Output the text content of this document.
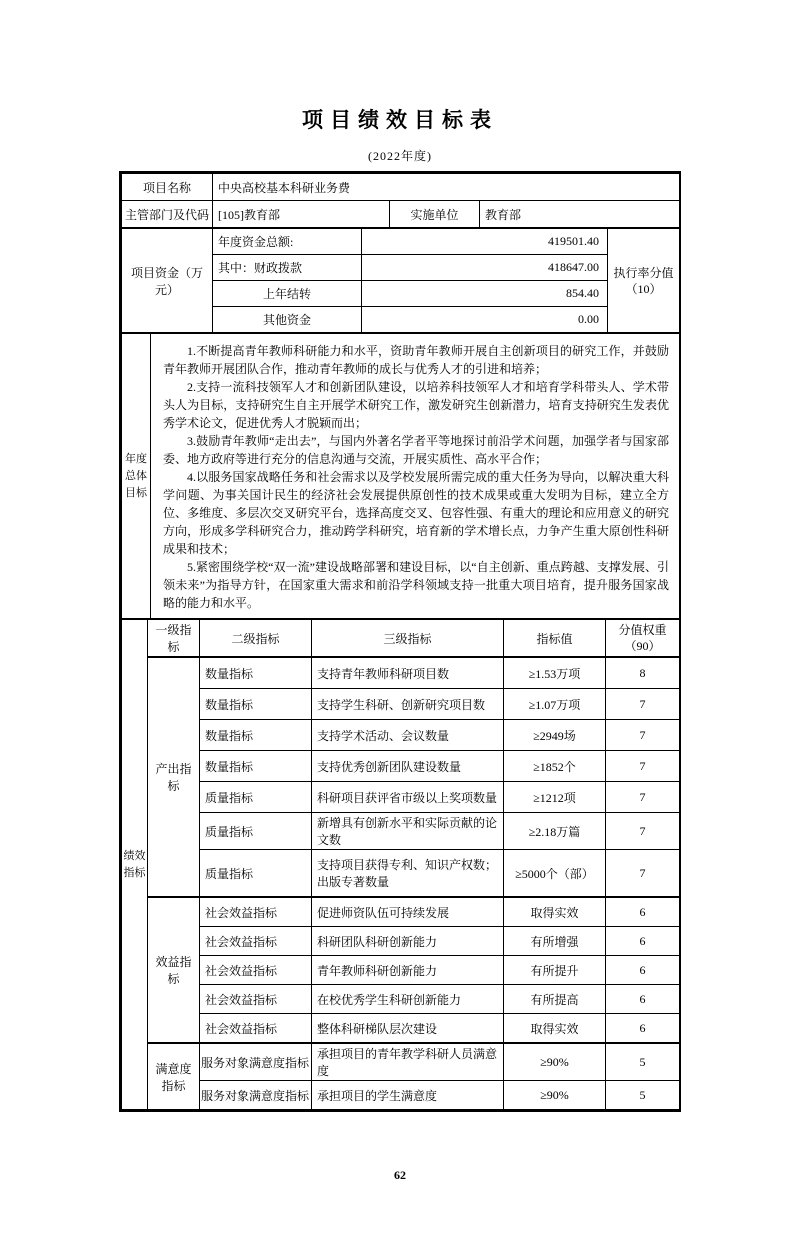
项目绩效目标表
(2022年度)
项目名称	中央高校基本科研业务费		
主管部门及代码	[105]教育部	实施单位	教育部
项目资金（万元）	年度资金总额:	419501.40	执行率分值
（10）
	其中：财政拨款	418647.00	
	上年结转	854.40	
	其他资金	0.00	
年度总体目标	

1.不断提高青年教师科研能力和水平，资助青年教师开展自主创新项目的研究工作，并鼓励青年教师开展团队合作，推动青年教师的成长与优秀人才的引进和培养；

2.支持一流科技领军人才和创新团队建设，以培养科技领军人才和培育学科带头人、学术带头人为目标，支持研究生自主开展学术研究工作，激发研究生创新潜力，培育支持研究生发表优秀学术论文，促进优秀人才脱颖而出；

3.鼓励青年教师“走出去”，与国内外著名学者平等地探讨前沿学术问题，加强学者与国家部委、地方政府等进行充分的信息沟通与交流，开展实质性、高水平合作；

4.以服务国家战略任务和社会需求以及学校发展所需完成的重大任务为导向，以解决重大科学问题、为事关国计民生的经济社会发展提供原创性的技术成果或重大发明为目标，建立全方位、多维度、多层次交叉研究平台，选择高度交叉、包容性强、有重大的理论和应用意义的研究方向，形成多学科研究合力，推动跨学科研究，培育新的学术增长点，力争产生重大原创性科研成果和技术；

5.紧密围绕学校“双一流”建设战略部署和建设目标，以“自主创新、重点跨越、支撑发展、引领未来”为指导方针，在国家重大需求和前沿学科领域支持一批重大项目培育，提升服务国家战略的能力和水平。

绩效指标	一级指标	二级指标	三级指标	指标值	分值权重
（90）
	产出指标	数量指标	支持青年教师科研项目数	≥1.53万项	8
		数量指标	支持学生科研、创新研究项目数	≥1.07万项	7
		数量指标	支持学术活动、会议数量	≥2949场	7
		数量指标	支持优秀创新团队建设数量	≥1852个	7
		质量指标	科研项目获评省市级以上奖项数量	≥1212项	7
		质量指标	新增具有创新水平和实际贡献的论文数	≥2.18万篇	7
		质量指标	支持项目获得专利、知识产权数；出版专著数量	≥5000个（部）	7
	效益指标	社会效益指标	促进师资队伍可持续发展	取得实效	6
		社会效益指标	科研团队科研创新能力	有所增强	6
		社会效益指标	青年教师科研创新能力	有所提升	6
		社会效益指标	在校优秀学生科研创新能力	有所提高	6
		社会效益指标	整体科研梯队层次建设	取得实效	6
	满意度指标	服务对象满意度指标	承担项目的青年教学科研人员满意度	≥90%	5
		服务对象满意度指标	承担项目的学生满意度	≥90%	5
62
